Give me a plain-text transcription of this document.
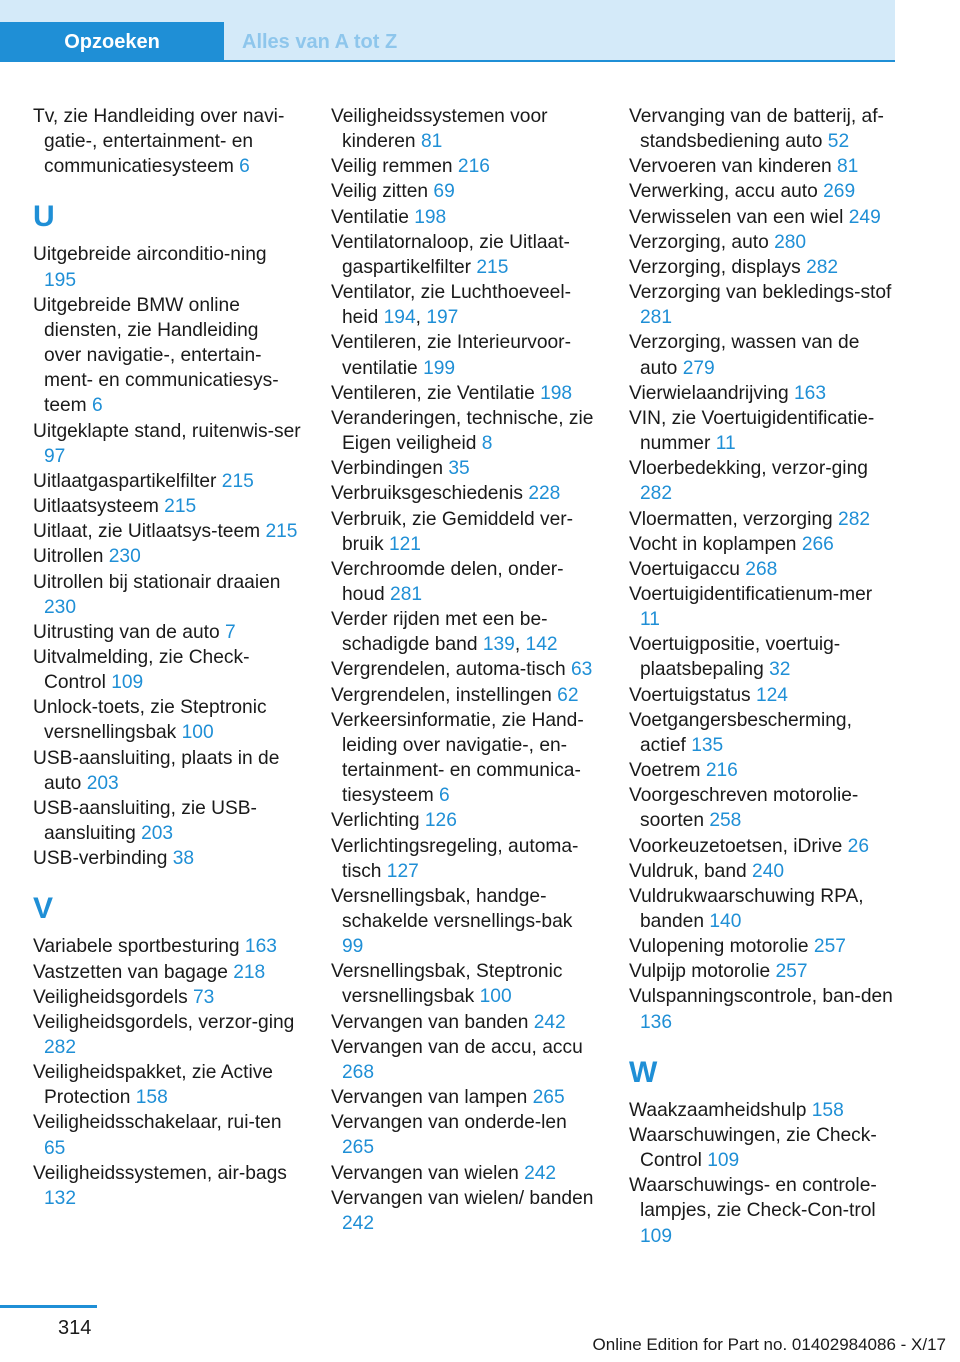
Opzoeken	Alles van A tot Z

Tv, zie Handleiding over navi-gatie-, entertainment- en communicatiesysteem 6

U

Uitgebreide airconditio-ning 195

Uitgebreide BMW online diensten, zie Handleiding over navigatie-, entertain-ment- en communicatiesys-teem 6

Uitgeklapte stand, ruitenwis-ser 97

Uitlaatgaspartikelfilter 215

Uitlaatsysteem 215

Uitlaat, zie Uitlaatsys-teem 215

Uitrollen 230

Uitrollen bij stationair draaien 230

Uitrusting van de auto 7

Uitvalmelding, zie Check-Control 109

Unlock-toets, zie Steptronic versnellingsbak 100

USB-aansluiting, plaats in de auto 203

USB-aansluiting, zie USB-aansluiting 203

USB-verbinding 38

V

Variabele sportbesturing 163

Vastzetten van bagage 218

Veiligheidsgordels 73

Veiligheidsgordels, verzor-ging 282

Veiligheidspakket, zie Active Protection 158

Veiligheidsschakelaar, rui-ten 65

Veiligheidssystemen, air-bags 132

Veiligheidssystemen voor kinderen 81

Veilig remmen 216

Veilig zitten 69

Ventilatie 198

Ventilatornaloop, zie Uitlaat-gaspartikelfilter 215

Ventilator, zie Luchthoeveel-heid 194, 197

Ventileren, zie Interieurvoor-ventilatie 199

Ventileren, zie Ventilatie 198

Veranderingen, technische, zie Eigen veiligheid 8

Verbindingen 35

Verbruiksgeschiedenis 228

Verbruik, zie Gemiddeld ver-bruik 121

Verchroomde delen, onder-houd 281

Verder rijden met een be-schadigde band 139, 142

Vergrendelen, automa-tisch 63

Vergrendelen, instellingen 62

Verkeersinformatie, zie Hand-leiding over navigatie-, en-tertainment- en communica-tiesysteem 6

Verlichting 126

Verlichtingsregeling, automa-tisch 127

Versnellingsbak, handge-schakelde versnellings-bak 99

Versnellingsbak, Steptronic versnellingsbak 100

Vervangen van banden 242

Vervangen van de accu, accu 268

Vervangen van lampen 265

Vervangen van onderde-len 265

Vervangen van wielen 242

Vervangen van wielen/ banden 242

Vervanging van de batterij, af-standsbediening auto 52

Vervoeren van kinderen 81

Verwerking, accu auto 269

Verwisselen van een wiel 249

Verzorging, auto 280

Verzorging, displays 282

Verzorging van bekledings-stof 281

Verzorging, wassen van de auto 279

Vierwielaandrijving 163

VIN, zie Voertuigidentificatie-nummer 11

Vloerbedekking, verzor-ging 282

Vloermatten, verzorging 282

Vocht in koplampen 266

Voertuigaccu 268

Voertuigidentificatienum-mer 11

Voertuigpositie, voertuig-plaatsbepaling 32

Voertuigstatus 124

Voetgangersbescherming, actief 135

Voetrem 216

Voorgeschreven motorolie-soorten 258

Voorkeuzetoetsen, iDrive 26

Vuldruk, band 240

Vuldrukwaarschuwing RPA, banden 140

Vulopening motorolie 257

Vulpijp motorolie 257

Vulspanningscontrole, ban-den 136

W

Waakzaamheidshulp 158

Waarschuwingen, zie Check-Control 109

Waarschuwings- en controle-lampjes, zie Check-Con-trol 109

314
Online Edition for Part no. 01402984086 - X/17
